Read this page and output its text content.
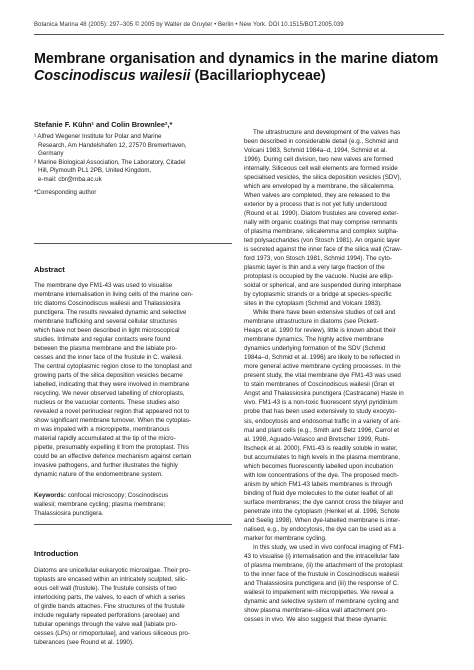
Botanica Marina 48 (2005): 297–305 © 2005 by Walter de Gruyter • Berlin • New York. DOI 10.1515/BOT.2005.039
Membrane organisation and dynamics in the marine diatom
Coscinodiscus wailesii (Bacillariophyceae)
Stefanie F. Kühn¹ and Colin Brownlee²,*
¹ Alfred Wegener Institute for Polar and Marine
Research, Am Handelshafen 12, 27570 Bremerhaven,
Germany
² Marine Biological Association, The Laboratory, Citadel
Hill, Plymouth PL1 2PB, United Kingdom,
e-mail: cbr@mba.ac.uk
*Corresponding author
Abstract
The membrane dye FM1-43 was used to visualise
membrane internalisation in living cells of the marine cen-
tric diatoms Coscinodiscus wailesii and Thalassiosira
punctigera. The results revealed dynamic and selective
membrane trafficking and several cellular structures
which have not been described in light microscopical
studies. Intimate and regular contacts were found
between the plasma membrane and the labiate pro-
cesses and the inner face of the frustule in C. wailesii.
The central cytoplasmic region close to the tonoplast and
growing parts of the silica deposition vesicles became
labelled, indicating that they were involved in membrane
recycling. We never observed labelling of chloroplasts,
nucleus or the vacuolar contents. These studies also
revealed a novel perinuclear region that appeared not to
show significant membrane turnover. When the cytoplas-
m was impaled with a micropipette, membranous
material rapidly accumulated at the tip of the micro-
pipette, presumably expelling it from the protoplast. This
could be an effective defence mechanism against certain
invasive pathogens, and further illustrates the highly
dynamic nature of the endomembrane system.
Keywords: confocal microscopy; Coscinodiscus
wailesii; membrane cycling; plasma membrane;
Thalassiosira punctigera.
Introduction
Diatoms are unicellular eukaryotic microalgae. Their pro-
toplasts are encased within an intricately sculpted, silic-
eous cell wall (frustule). The frustule consists of two
interlocking parts, the valves, to each of which a series
of girdle bands attaches. Fine structures of the frustule
include regularly repeated perforations (areolae) and
tubular openings through the valve wall [labiate pro-
cesses (LPs) or rimoportulae], and various siliceous pro-
tuberances (see Round et al. 1990).
The ultrastructure and development of the valves has
been described in considerable detail (e.g., Schmid and
Volcani 1983, Schmid 1984a–d, 1994, Schmid et al.
1996). During cell division, two new valves are formed
internally. Siliceous cell wall elements are formed inside
specialised vesicles, the silica deposition vesicles (SDV),
which are enveloped by a membrane, the silicalemma.
When valves are completed, they are released to the
exterior by a process that is not yet fully understood
(Round et al. 1990). Diatom frustules are covered exter-
nally with organic coatings that may comprise remnants
of plasma membrane, silicalemma and complex sulpha-
ted polysaccharides (von Stosch 1981). An organic layer
is secreted against the inner face of the silica wall (Craw-
ford 1973, von Stosch 1981, Schmid 1994). The cyto-
plasmic layer is thin and a very large fraction of the
protoplast is occupied by the vacuole. Nuclei are ellip-
soidal or spherical, and are suspended during interphase
by cytoplasmic strands or a bridge at species-specific
sites in the cytoplasm (Schmid and Volcani 1983).
While there have been extensive studies of cell and
membrane ultrastructure in diatoms (see Pickett-
Heaps et al. 1990 for review), little is known about their
membrane dynamics. The highly active membrane
dynamics underlying formation of the SDV (Schmid
1984a–d, Schmid et al. 1996) are likely to be reflected in
more general active membrane cycling processes. In the
present study, the vital membrane dye FM1-43 was used
to stain membranes of Coscinodiscus wailesii (Gran et
Angst and Thalassiosira punctigera (Castracane) Hasle in
vivo. FM1-43 is a non-toxic fluorescent styryl pyridinium
probe that has been used extensively to study exocyto-
sis, endocytosis and endosomal traffic in a variety of ani-
mal and plant cells (e.g., Smith and Betz 1996, Carrol et
al. 1998, Aguado-Velasco and Bretscher 1999, Rubi-
ltscheck et al. 2000). FM1-43 is readily soluble in water,
but accumulates to high levels in the plasma membrane,
which becomes fluorescently labelled upon incubation
with low concentrations of the dye. The proposed mech-
anism by which FM1-43 labels membranes is through
binding of fluid dye molecules to the outer leaflet of all
surface membranes; the dye cannot cross the bilayer and
penetrate into the cytoplasm (Henkel et al. 1996, Schote
and Seelig 1998). When dye-labelled membrane is inter-
nalised, e.g., by endocytosis, the dye can be used as a
marker for membrane cycling.
In this study, we used in vivo confocal imaging of FM1-
43 to visualise (i) internalisation and the intracellular fate
of plasma membrane, (ii) the attachment of the protoplast
to the inner face of the frustule in Coscinodiscus wailesii
and Thalassiosira punctigera and (iii) the response of C.
wailesii to impalement with micropipettes. We reveal a
dynamic and selective system of membrane cycling and
show plasma membrane–silica wall attachment pro-
cesses in vivo. We also suggest that these dynamic
